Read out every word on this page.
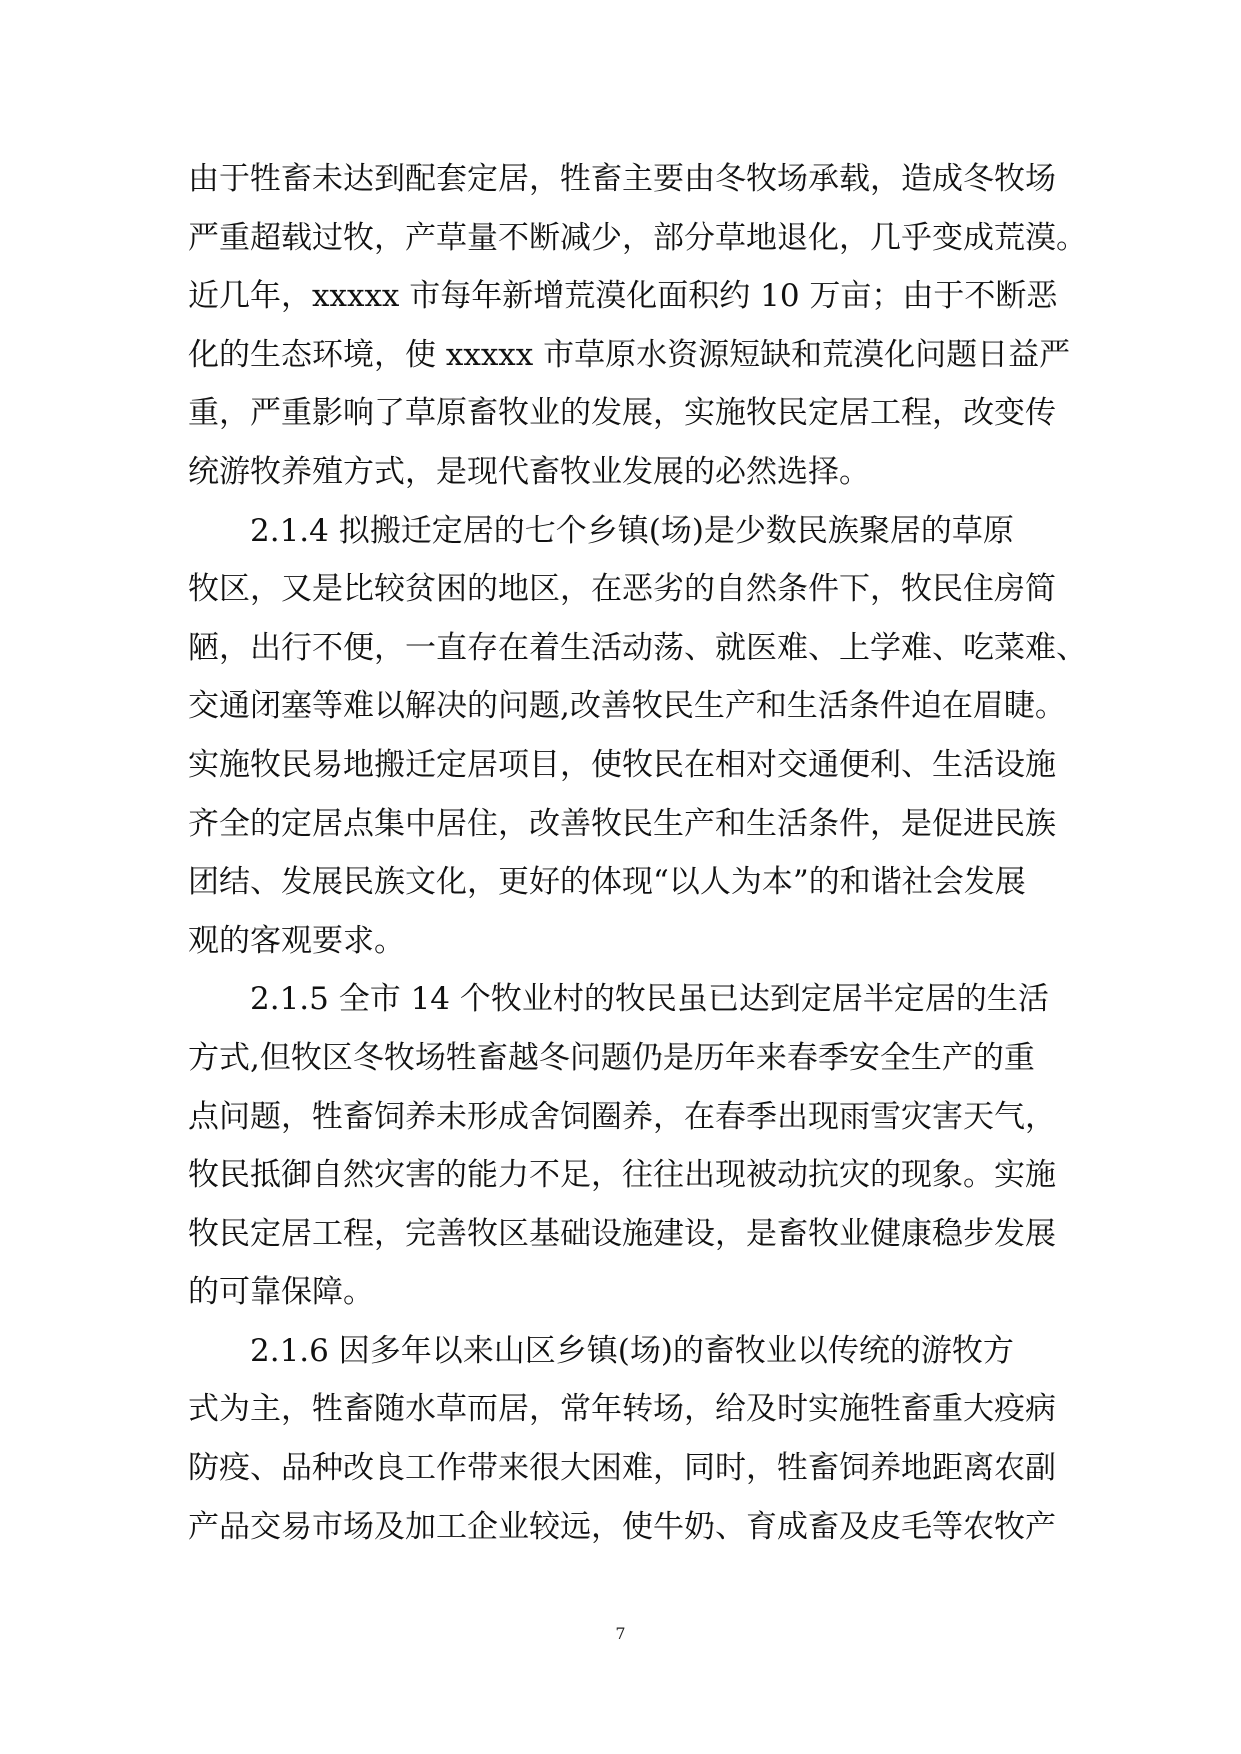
由于牲畜未达到配套定居，牲畜主要由冬牧场承载，造成冬牧场
严重超载过牧，产草量不断减少，部分草地退化，几乎变成荒漠。
近几年，xxxxx 市每年新增荒漠化面积约 10 万亩；由于不断恶
化的生态环境，使 xxxxx 市草原水资源短缺和荒漠化问题日益严
重，严重影响了草原畜牧业的发展，实施牧民定居工程，改变传
统游牧养殖方式，是现代畜牧业发展的必然选择。
2.1.4 拟搬迁定居的七个乡镇(场)是少数民族聚居的草原
牧区，又是比较贫困的地区，在恶劣的自然条件下，牧民住房简
陋，出行不便，一直存在着生活动荡、就医难、上学难、吃菜难、
交通闭塞等难以解决的问题,改善牧民生产和生活条件迫在眉睫。
实施牧民易地搬迁定居项目，使牧民在相对交通便利、生活设施
齐全的定居点集中居住，改善牧民生产和生活条件，是促进民族
团结、发展民族文化，更好的体现“以人为本”的和谐社会发展
观的客观要求。
2.1.5 全市 14 个牧业村的牧民虽已达到定居半定居的生活
方式,但牧区冬牧场牲畜越冬问题仍是历年来春季安全生产的重
点问题，牲畜饲养未形成舍饲圈养，在春季出现雨雪灾害天气，
牧民抵御自然灾害的能力不足，往往出现被动抗灾的现象。实施
牧民定居工程，完善牧区基础设施建设，是畜牧业健康稳步发展
的可靠保障。
2.1.6 因多年以来山区乡镇(场)的畜牧业以传统的游牧方
式为主，牲畜随水草而居，常年转场，给及时实施牲畜重大疫病
防疫、品种改良工作带来很大困难，同时，牲畜饲养地距离农副
产品交易市场及加工企业较远，使牛奶、育成畜及皮毛等农牧产
7
